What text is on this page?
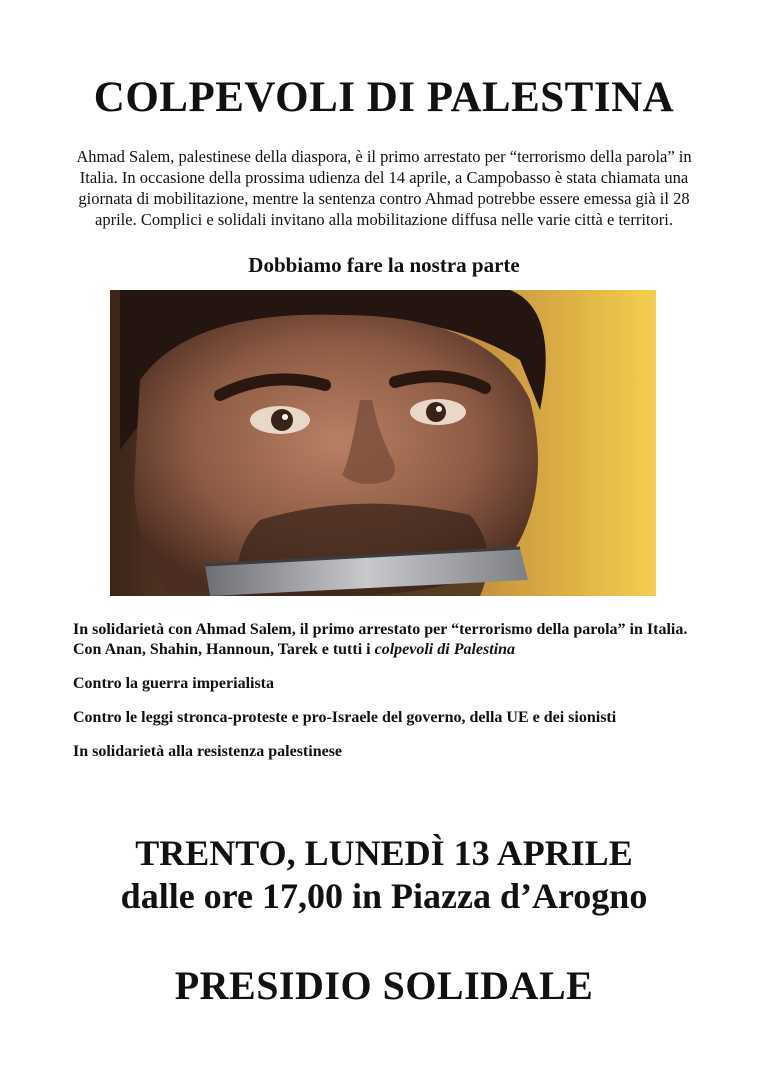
COLPEVOLI DI PALESTINA
Ahmad Salem, palestinese della diaspora, è il primo arrestato per “terrorismo della parola” in Italia. In occasione della prossima udienza del 14 aprile, a Campobasso è stata chiamata una giornata di mobilitazione, mentre la sentenza contro Ahmad potrebbe essere emessa già il 28 aprile. Complici e solidali invitano alla mobilitazione diffusa nelle varie città e territori.
Dobbiamo fare la nostra parte
In solidarietà con Ahmad Salem, il primo arrestato per “terrorismo della parola” in Italia. Con Anan, Shahin, Hannoun, Tarek e tutti i colpevoli di Palestina
Contro la guerra imperialista
Contro le leggi stronca-proteste e pro-Israele del governo, della UE e dei sionisti
In solidarietà alla resistenza palestinese
TRENTO, LUNEDÌ 13 APRILE
dalle ore 17,00 in Piazza d’Arogno
PRESIDIO SOLIDALE
